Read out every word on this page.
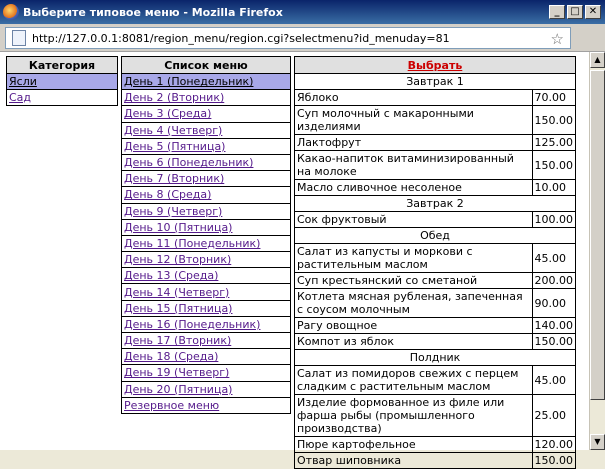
Выберите типовое меню - Mozilla Firefox	_	□ ✕
http://127.0.0.1:8081/region_menu/region.cgi?selectmenu?id_menuday=81	☆
Категория
Ясли
Сад
Список меню
День 1 (Понедельник)
День 2 (Вторник)
День 3 (Среда)
День 4 (Четверг)
День 5 (Пятница)
День 6 (Понедельник)
День 7 (Вторник)
День 8 (Среда)
День 9 (Четверг)
День 10 (Пятница)
День 11 (Понедельник)
День 12 (Вторник)
День 13 (Среда)
День 14 (Четверг)
День 15 (Пятница)
День 16 (Понедельник)
День 17 (Вторник)
День 18 (Среда)
День 19 (Четверг)
День 20 (Пятница)
Резервное меню
Выбрать	
Завтрак 1	
Яблоко	70.00
Суп молочный с макаронными изделиями	150.00
Лактофрут	125.00
Какао-напиток витаминизированный на молоке	150.00
Масло сливочное несоленое	10.00
Завтрак 2	
Сок фруктовый	100.00
Обед	
Салат из капусты и моркови с растительным маслом	45.00
Суп крестьянский со сметаной	200.00
Котлета мясная рубленая, запеченная с соусом молочным	90.00
Рагу овощное	140.00
Компот из яблок	150.00
Полдник	
Салат из помидоров свежих с перцем сладким с растительным маслом	45.00
Изделие формованное из филе или фарша рыбы (промышленного производства)	25.00
Пюре картофельное	120.00
Отвар шиповника	150.00
▲
▼
